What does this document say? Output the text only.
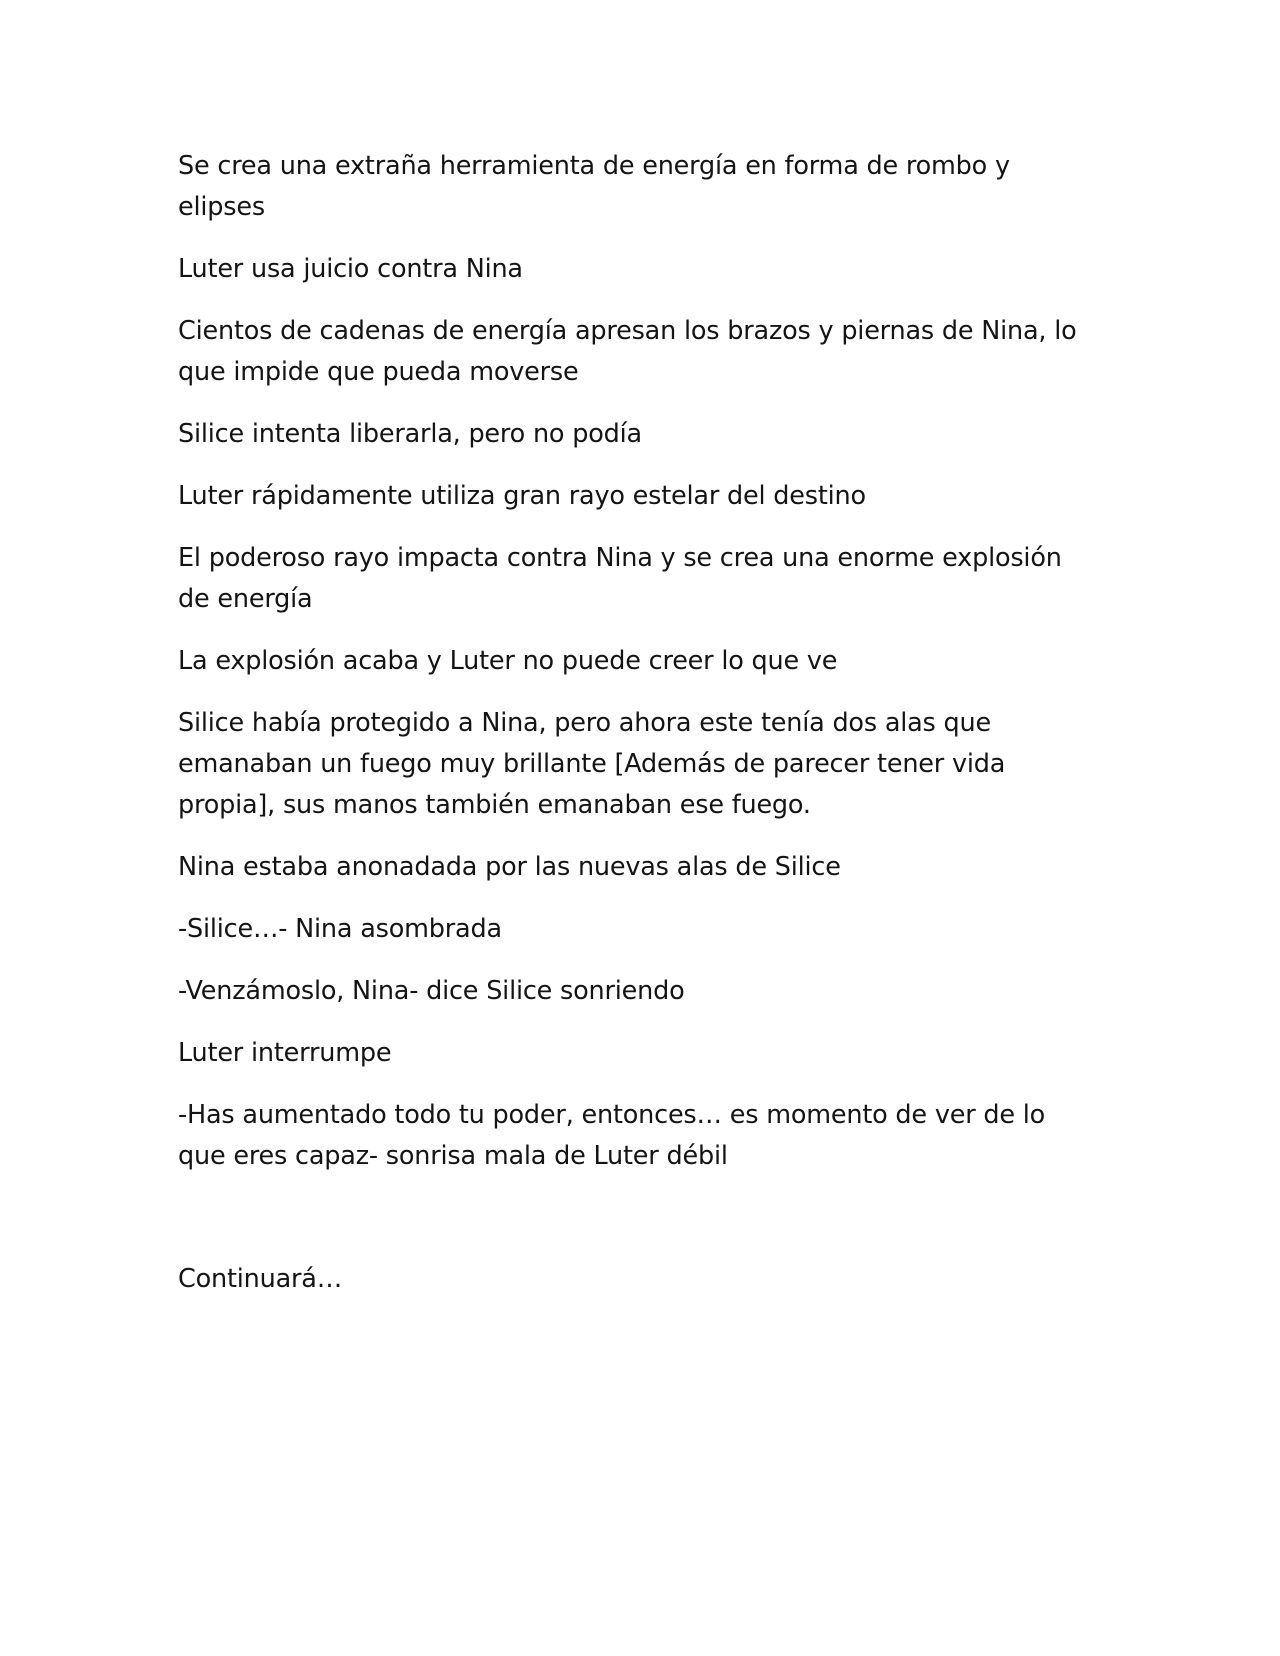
Se crea una extraña herramienta de energía en forma de rombo y elipses

Luter usa juicio contra Nina

Cientos de cadenas de energía apresan los brazos y piernas de Nina, lo que impide que pueda moverse

Silice intenta liberarla, pero no podía

Luter rápidamente utiliza gran rayo estelar del destino

El poderoso rayo impacta contra Nina y se crea una enorme explosión de energía

La explosión acaba y Luter no puede creer lo que ve

Silice había protegido a Nina, pero ahora este tenía dos alas que emanaban un fuego muy brillante [Además de parecer tener vida propia], sus manos también emanaban ese fuego.

Nina estaba anonadada por las nuevas alas de Silice

-Silice…- Nina asombrada

-Venzámoslo, Nina- dice Silice sonriendo

Luter interrumpe

-Has aumentado todo tu poder, entonces… es momento de ver de lo que eres capaz- sonrisa mala de Luter débil

Continuará…
